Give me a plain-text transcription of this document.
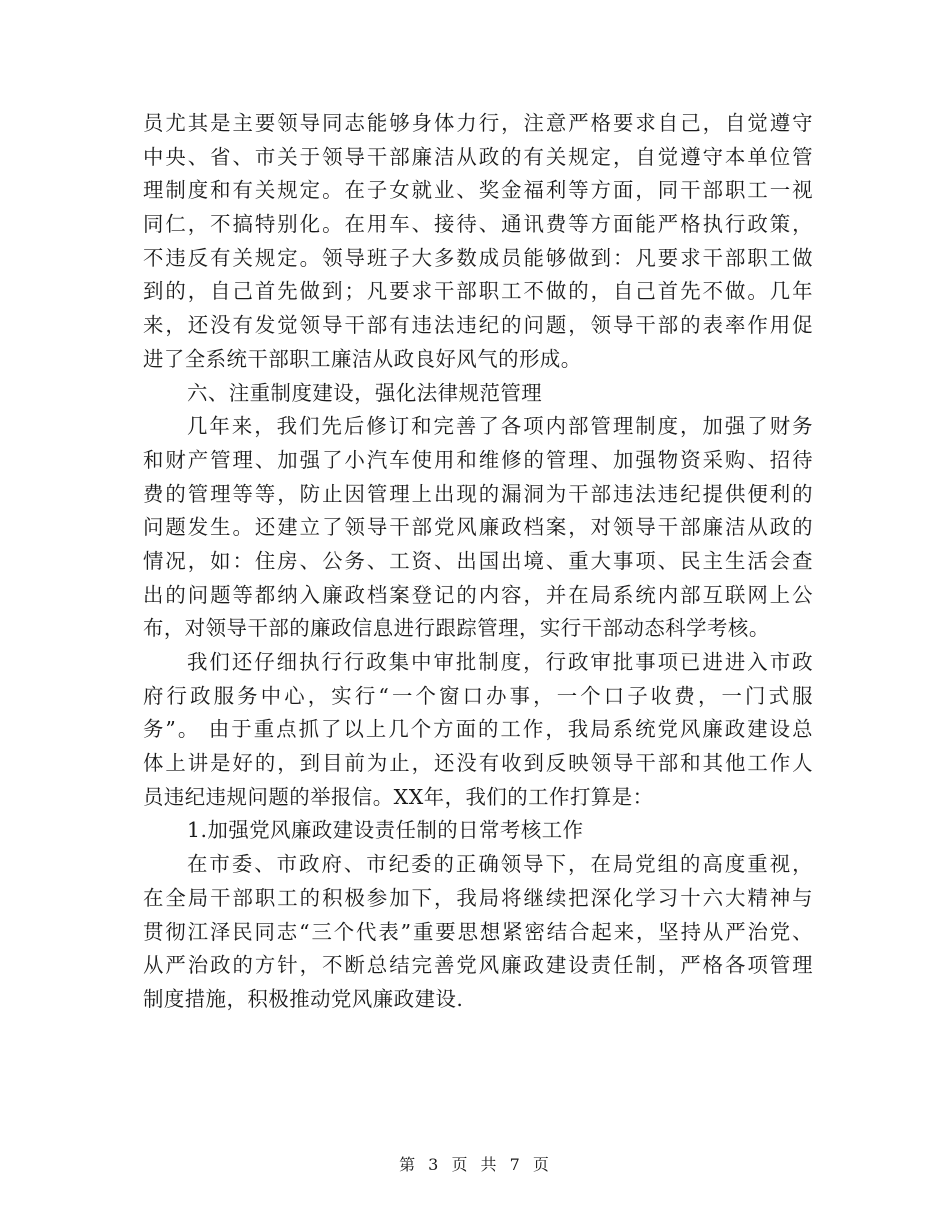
员尤其是主要领导同志能够身体力行，注意严格要求自己，自觉遵守
中央、省、市关于领导干部廉洁从政的有关规定，自觉遵守本单位管
理制度和有关规定。在子女就业、奖金福利等方面，同干部职工一视
同仁，不搞特别化。在用车、接待、通讯费等方面能严格执行政策，
不违反有关规定。领导班子大多数成员能够做到：凡要求干部职工做
到的，自己首先做到；凡要求干部职工不做的，自己首先不做。几年
来，还没有发觉领导干部有违法违纪的问题，领导干部的表率作用促
进了全系统干部职工廉洁从政良好风气的形成。
六、注重制度建设，强化法律规范管理
几年来，我们先后修订和完善了各项内部管理制度，加强了财务
和财产管理、加强了小汽车使用和维修的管理、加强物资采购、招待
费的管理等等，防止因管理上出现的漏洞为干部违法违纪提供便利的
问题发生。还建立了领导干部党风廉政档案，对领导干部廉洁从政的
情况，如：住房、公务、工资、出国出境、重大事项、民主生活会查
出的问题等都纳入廉政档案登记的内容，并在局系统内部互联网上公
布，对领导干部的廉政信息进行跟踪管理，实行干部动态科学考核。
我们还仔细执行行政集中审批制度，行政审批事项已进进入市政
府行政服务中心，实行“一个窗口办事，一个口子收费，一门式服
务”。 由于重点抓了以上几个方面的工作，我局系统党风廉政建设总
体上讲是好的，到目前为止，还没有收到反映领导干部和其他工作人
员违纪违规问题的举报信。XX年，我们的工作打算是：
1.加强党风廉政建设责任制的日常考核工作
在市委、市政府、市纪委的正确领导下，在局党组的高度重视，
在全局干部职工的积极参加下，我局将继续把深化学习十六大精神与
贯彻江泽民同志“三个代表”重要思想紧密结合起来，坚持从严治党、
从严治政的方针，不断总结完善党风廉政建设责任制，严格各项管理
制度措施，积极推动党风廉政建设.
第 3 页 共 7 页
